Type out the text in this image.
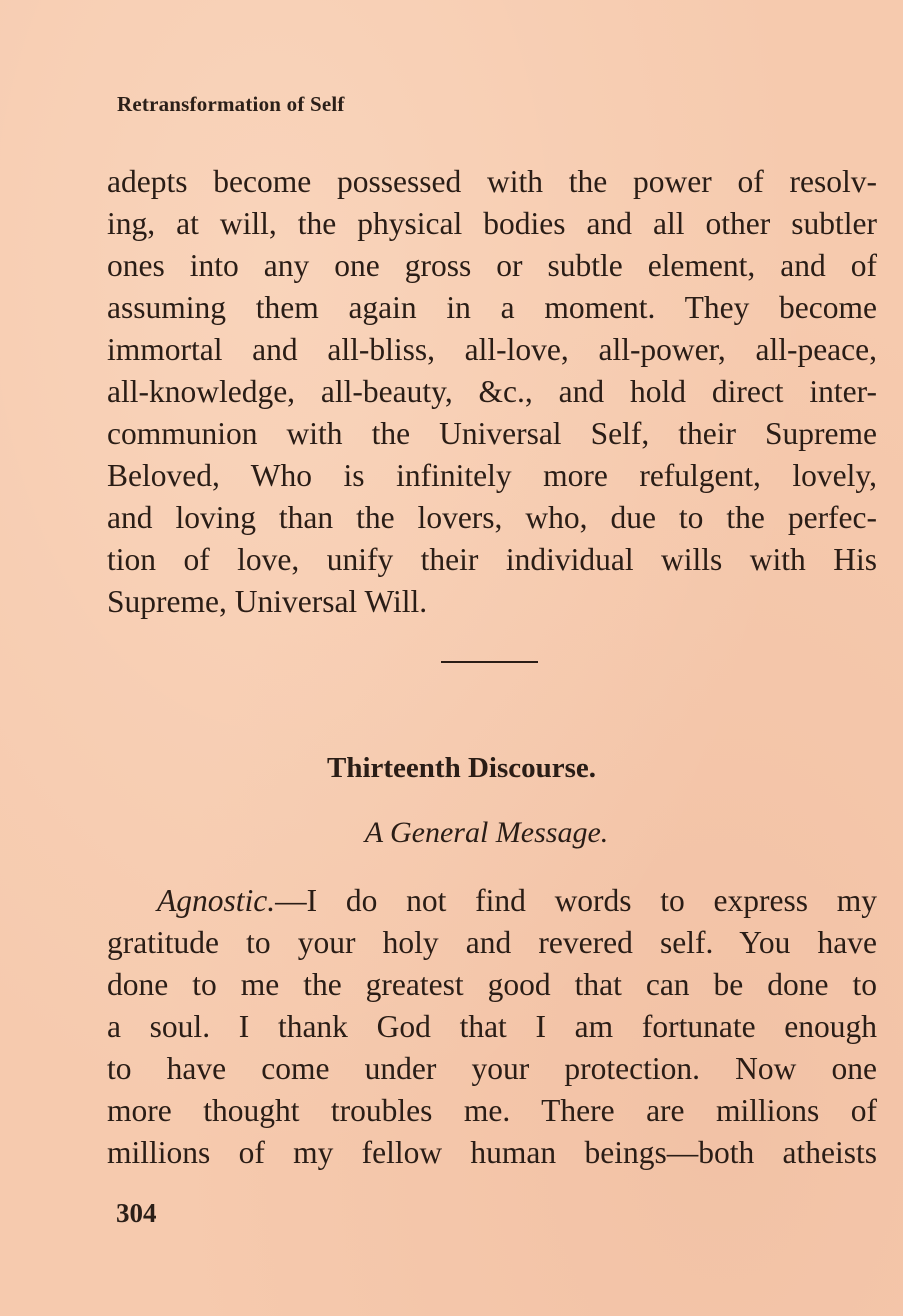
Retransformation of Self
adepts become possessed with the power of resolv-
ing, at will, the physical bodies and all other subtler
ones into any one gross or subtle element, and of
assuming them again in a moment. They become
immortal and all-bliss, all-love, all-power, all-peace,
all-knowledge, all-beauty, &c., and hold direct inter-
communion with the Universal Self, their Supreme
Beloved, Who is infinitely more refulgent, lovely,
and loving than the lovers, who, due to the perfec-
tion of love, unify their individual wills with His
Supreme, Universal Will.
Thirteenth Discourse.
A General Message.
Agnostic.—I do not find words to express my
gratitude to your holy and revered self. You have
done to me the greatest good that can be done to
a soul. I thank God that I am fortunate enough
to have come under your protection. Now one
more thought troubles me. There are millions of
millions of my fellow human beings—both atheists
304
